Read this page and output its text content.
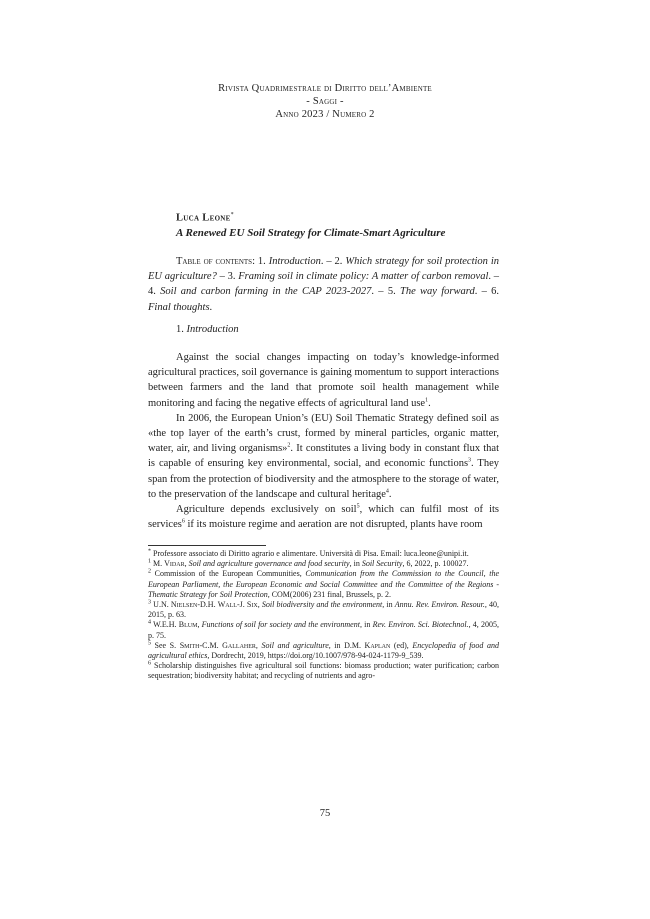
Rivista Quadrimestrale di Diritto dell’Ambiente
- Saggi -
Anno 2023 / Numero 2
Luca Leone*
A Renewed EU Soil Strategy for Climate-Smart Agriculture
Table of contents: 1. Introduction. – 2. Which strategy for soil protection in EU agriculture? – 3. Framing soil in climate policy: A matter of carbon removal. – 4. Soil and carbon farming in the CAP 2023-2027. – 5. The way forward. – 6. Final thoughts.
1. Introduction

Against the social changes impacting on today’s knowledge-informed agricultural practices, soil governance is gaining momentum to support interactions between farmers and the land that promote soil health management while monitoring and facing the negative effects of agricultural land use$^1$.

In 2006, the European Union’s (EU) Soil Thematic Strategy defined soil as «the top layer of the earth’s crust, formed by mineral particles, organic matter, water, air, and living organisms»$^2$. It constitutes a living body in constant flux that is capable of ensuring key environmental, social, and economic functions$^3$. They span from the protection of biodiversity and the atmosphere to the storage of water, to the preservation of the landscape and cultural heritage$^4$.

Agriculture depends exclusively on soil$^5$, which can fulfil most of its services$^6$ if its moisture regime and aeration are not disrupted, plants have room

* Professore associato di Diritto agrario e alimentare. Università di Pisa. Email: luca.leone@unipi.it.

$^1$ M. Vidar, Soil and agriculture governance and food security, in Soil Security, 6, 2022, p. 100027.

$^2$ Commission of the European Communities, Communication from the Commission to the Council, the European Parliament, the European Economic and Social Committee and the Committee of the Regions - Thematic Strategy for Soil Protection, COM(2006) 231 final, Brussels, p. 2.

$^3$ U.N. Nielsen-D.H. Wall-J. Six, Soil biodiversity and the environment, in Annu. Rev. Environ. Resour., 40, 2015, p. 63.

$^4$ W.E.H. Blum, Functions of soil for society and the environment, in Rev. Environ. Sci. Biotechnol., 4, 2005, p. 75.

$^5$ See S. Smith-C.M. Gallaher, Soil and agriculture, in D.M. Kaplan (ed), Encyclopedia of food and agricultural ethics, Dordrecht, 2019, https://doi.org/10.1007/978-94-024-1179-9_539.

$^6$ Scholarship distinguishes five agricultural soil functions: biomass production; water purification; carbon sequestration; biodiversity habitat; and recycling of nutrients and agro-

75
